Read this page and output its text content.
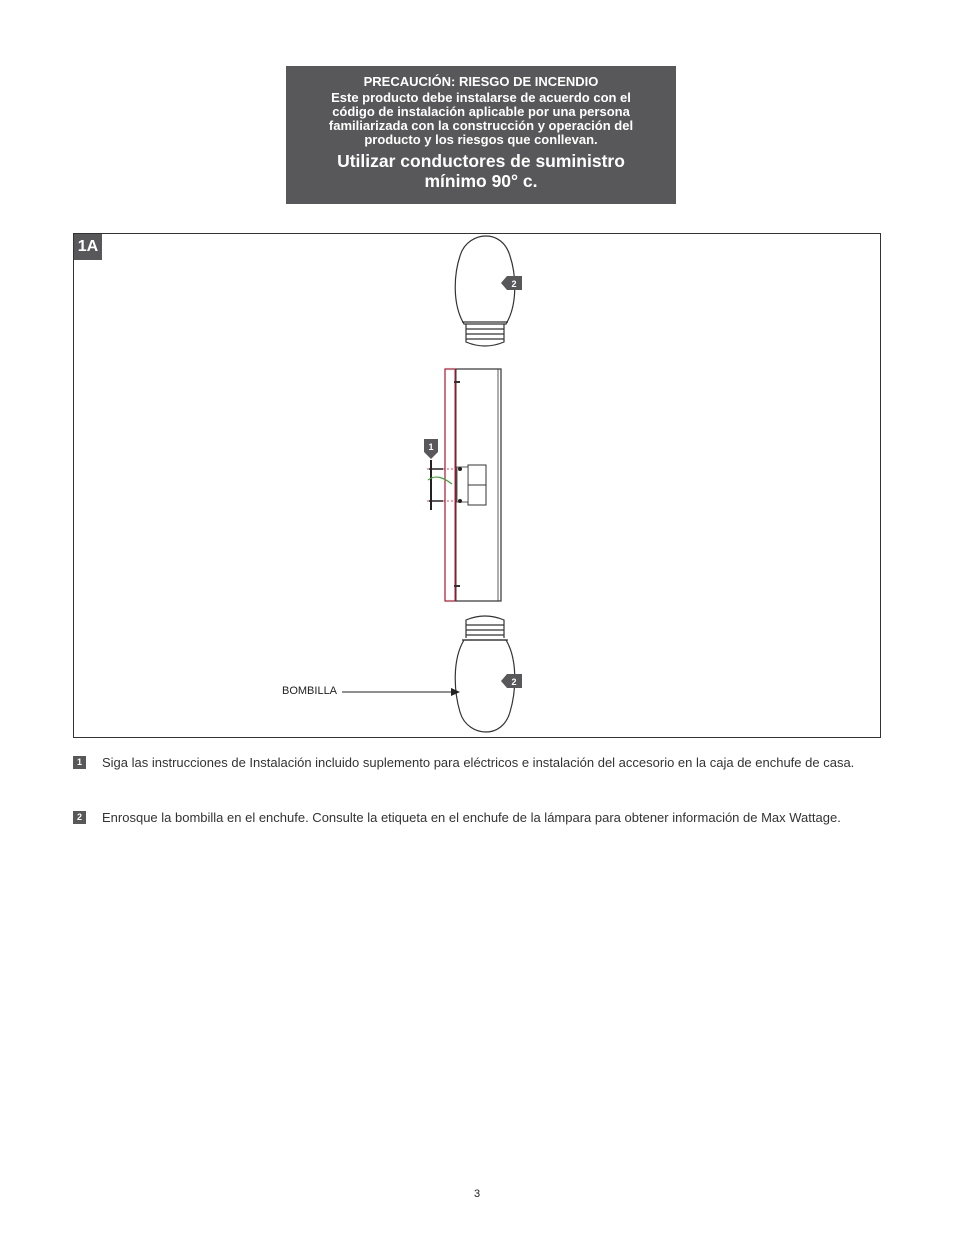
PRECAUCIÓN: RIESGO DE INCENDIO
Este producto debe instalarse de acuerdo con el código de instalación aplicable por una persona familiarizada con la construcción y operación del producto y los riesgos que conllevan.
Utilizar conductores de suministro mínimo 90° c.
2
1
2
1A
BOMBILLA
1	Siga las instrucciones de Instalación incluido suplemento para eléctricos e instalación del accesorio en la caja de enchufe de casa.
2	Enrosque la bombilla en el enchufe. Consulte la etiqueta en el enchufe de la lámpara para obtener información de Max Wattage.
3
